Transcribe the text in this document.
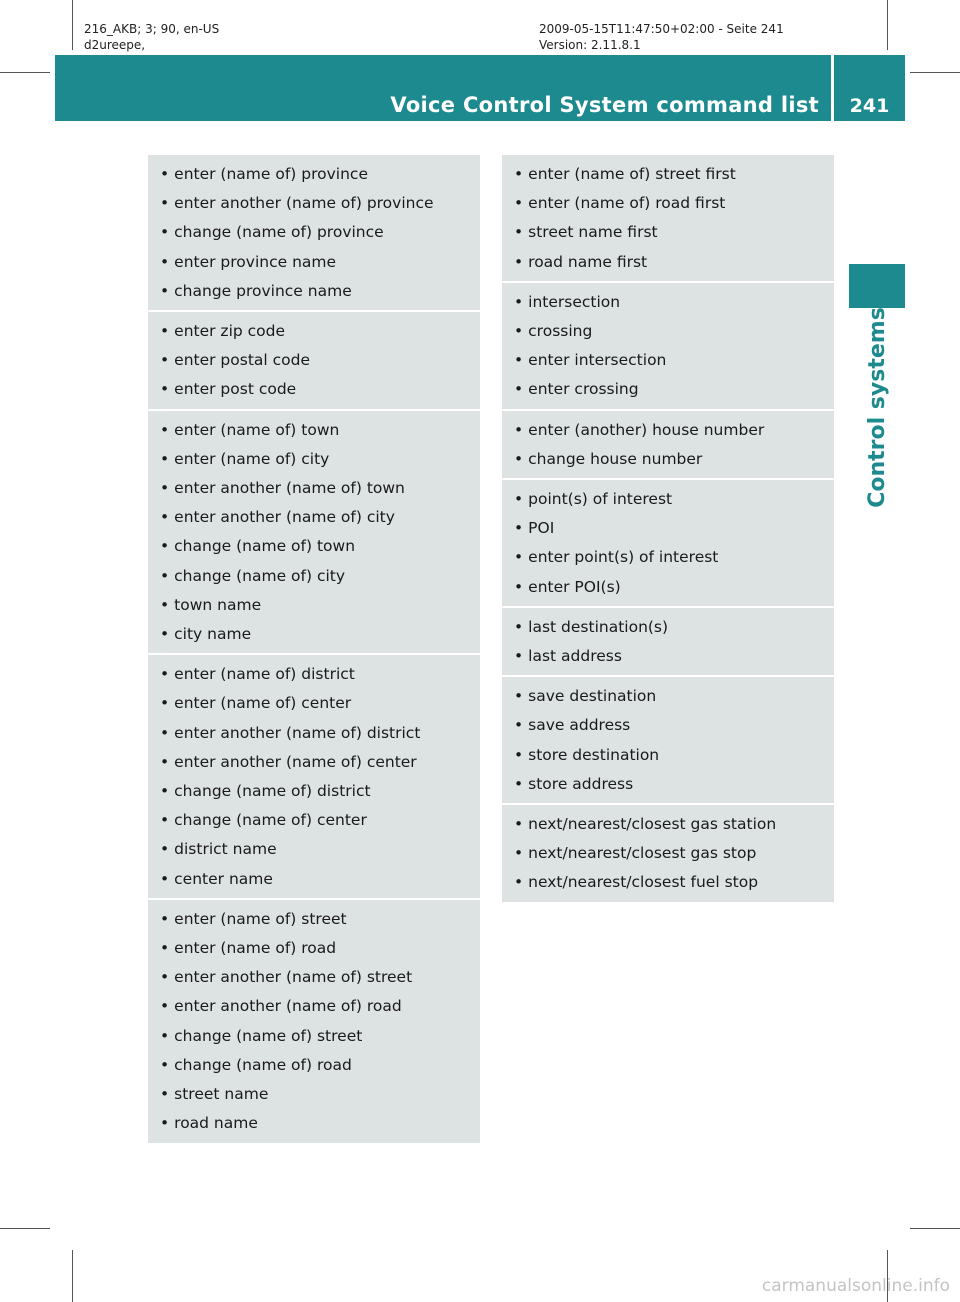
216_AKB; 3; 90, en-US
d2ureepe,
2009-05-15T11:47:50+02:00 - Seite 241
Version: 2.11.8.1
Voice Control System command list	241
Control systems
• enter (name of) province
• enter another (name of) province
• change (name of) province
• enter province name
• change province name
• enter zip code
• enter postal code
• enter post code
• enter (name of) town
• enter (name of) city
• enter another (name of) town
• enter another (name of) city
• change (name of) town
• change (name of) city
• town name
• city name
• enter (name of) district
• enter (name of) center
• enter another (name of) district
• enter another (name of) center
• change (name of) district
• change (name of) center
• district name
• center name
• enter (name of) street
• enter (name of) road
• enter another (name of) street
• enter another (name of) road
• change (name of) street
• change (name of) road
• street name
• road name
• enter (name of) street first
• enter (name of) road first
• street name first
• road name first
• intersection
• crossing
• enter intersection
• enter crossing
• enter (another) house number
• change house number
• point(s) of interest
• POI
• enter point(s) of interest
• enter POI(s)
• last destination(s)
• last address
• save destination
• save address
• store destination
• store address
• next/nearest/closest gas station
• next/nearest/closest gas stop
• next/nearest/closest fuel stop
carmanualsonline.info
